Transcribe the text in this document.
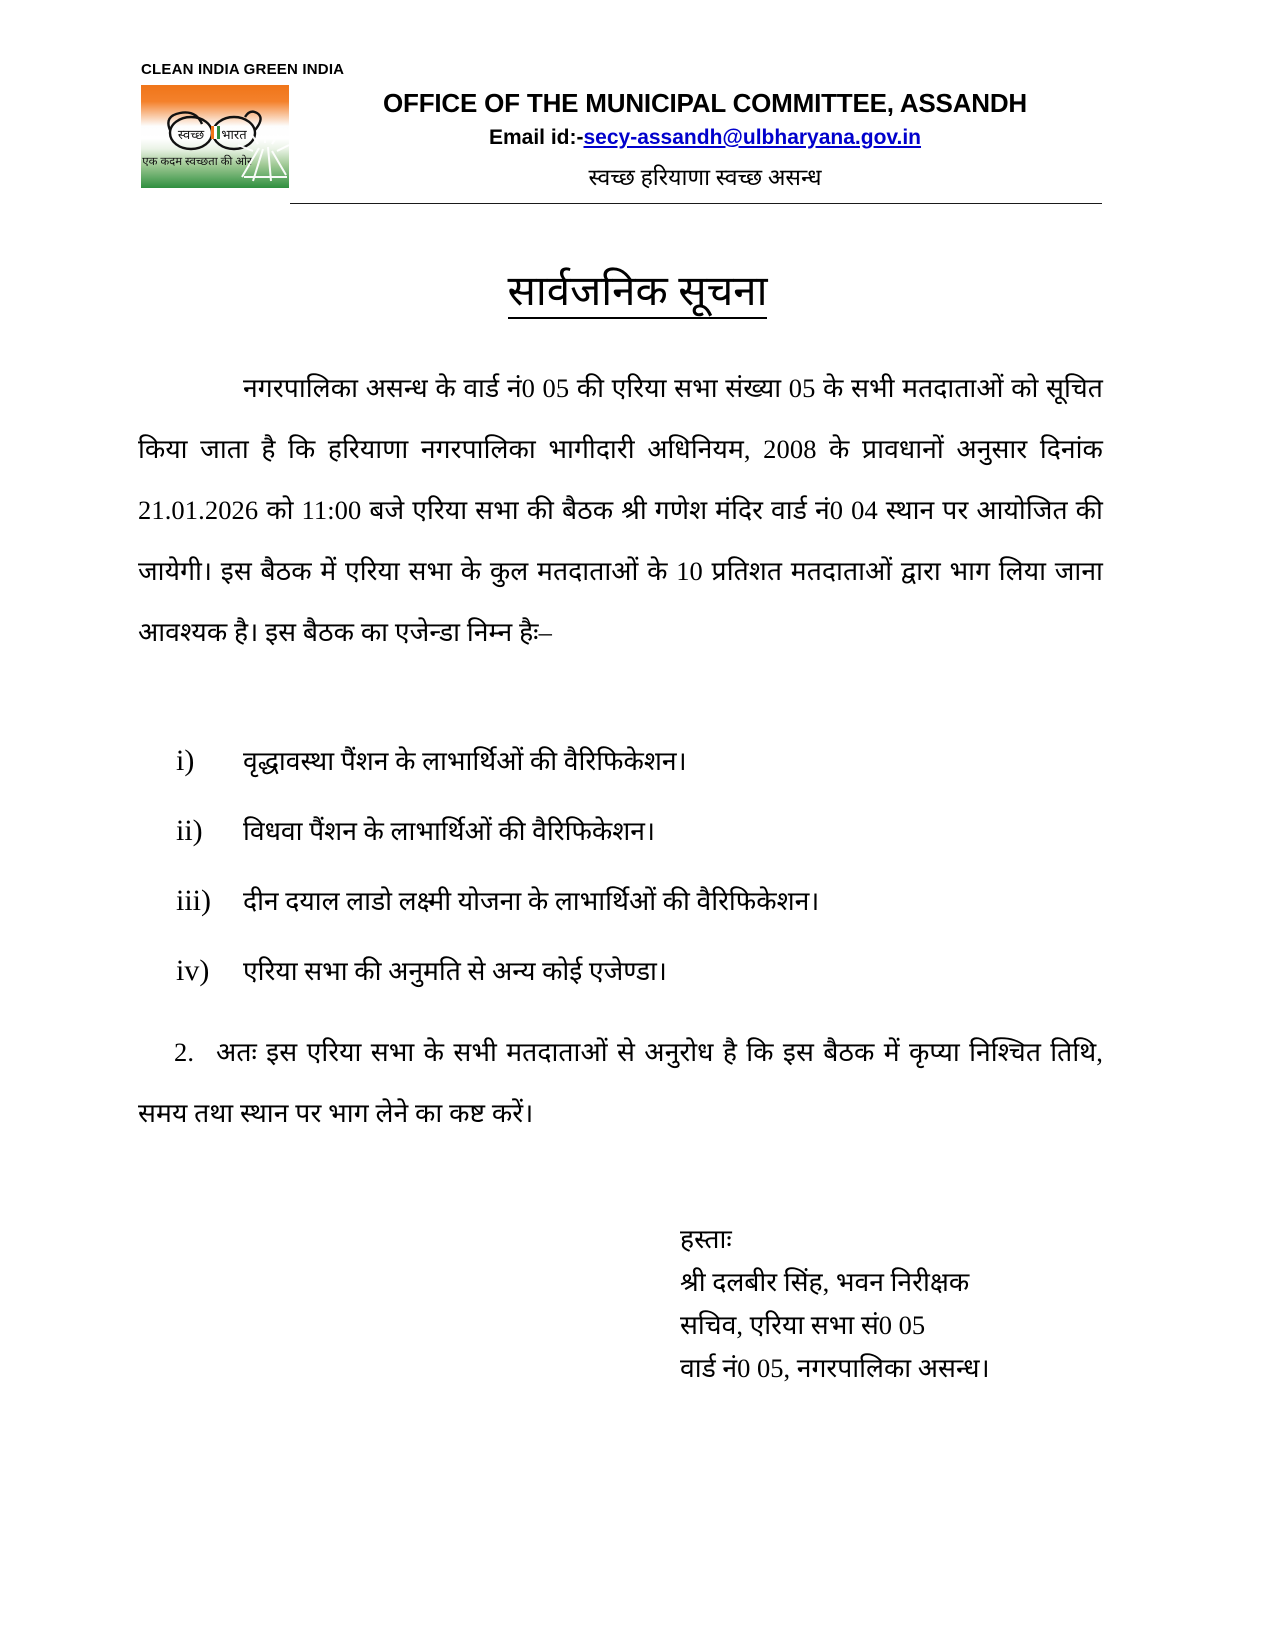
CLEAN INDIA GREEN INDIA
स्वच्छ भारत
एक कदम स्वच्छता की ओर
OFFICE OF THE MUNICIPAL COMMITTEE, ASSANDH
Email id:-secy-assandh@ulbharyana.gov.in
स्वच्छ हरियाणा स्वच्छ असन्ध
सार्वजनिक सूचना

नगरपालिका असन्ध के वार्ड नं0 05 की एरिया सभा संख्या 05 के सभी मतदाताओं को सूचित किया जाता है कि हरियाणा नगरपालिका भागीदारी अधिनियम, 2008 के प्रावधानों अनुसार दिनांक 21.01.2026 को 11:00 बजे एरिया सभा की बैठक श्री गणेश मंदिर वार्ड नं0 04 स्थान पर आयोजित की जायेगी। इस बैठक में एरिया सभा के कुल मतदाताओं के 10 प्रतिशत मतदाताओं द्वारा भाग लिया जाना आवश्यक है। इस बैठक का एजेन्डा निम्न हैः–

i)	वृद्धावस्था पैंशन के लाभार्थिओं की वैरिफिकेशन।
ii)	विधवा पैंशन के लाभार्थिओं की वैरिफिकेशन।
iii)	दीन दयाल लाडो लक्ष्मी योजना के लाभार्थिओं की वैरिफिकेशन।
iv)	एरिया सभा की अनुमति से अन्य कोई एजेण्डा।

2. अतः इस एरिया सभा के सभी मतदाताओं से अनुरोध है कि इस बैठक में कृप्या निश्चित तिथि, समय तथा स्थान पर भाग लेने का कष्ट करें।

हस्ताः
श्री दलबीर सिंह, भवन निरीक्षक
सचिव, एरिया सभा सं0 05
वार्ड नं0 05, नगरपालिका असन्ध।
